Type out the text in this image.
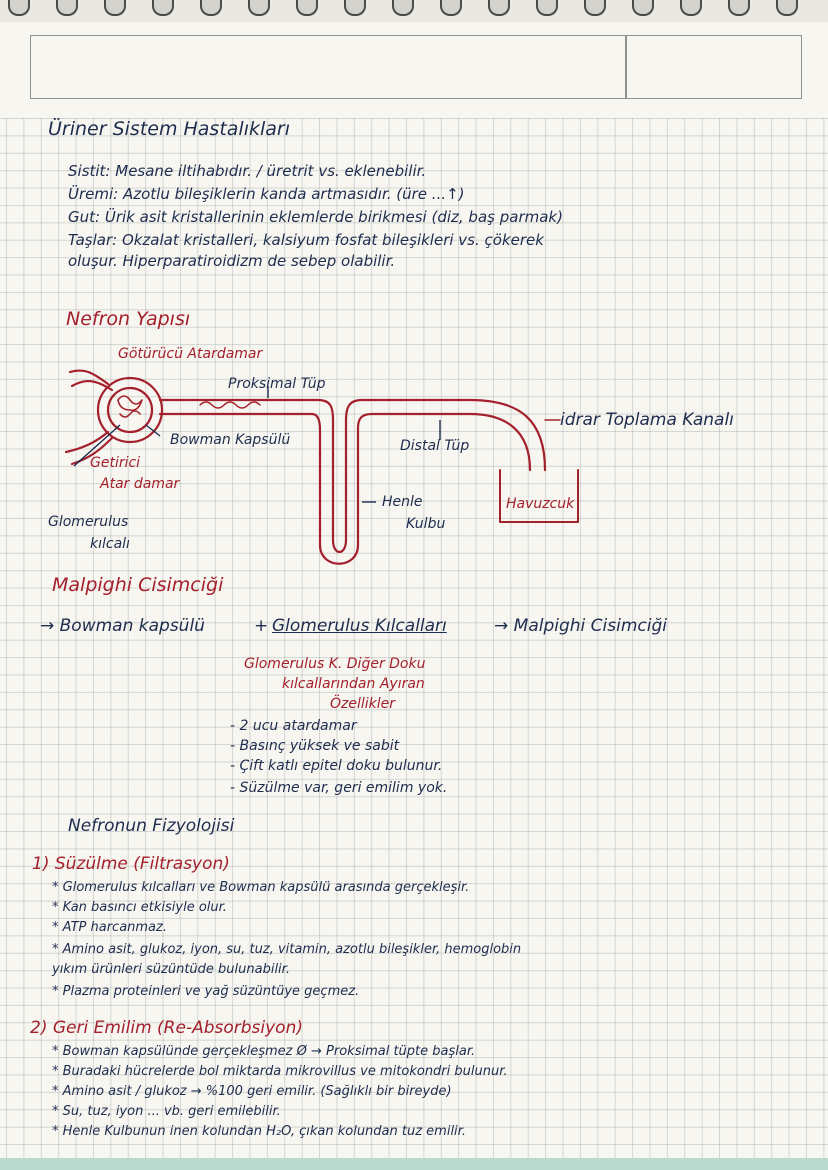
Üriner Sistem Hastalıkları
Sistit: Mesane iltihabıdır. / üretrit vs. eklenebilir.
Üremi: Azotlu bileşiklerin kanda artmasıdır. (üre ...↑)
Gut: Ürik asit kristallerinin eklemlerde birikmesi (diz, baş parmak)
Taşlar: Okzalat kristalleri, kalsiyum fosfat bileşikleri vs. çökerek
oluşur. Hiperparatiroidizm de sebep olabilir.
Nefron Yapısı
Götürücü Atardamar
Proksimal Tüp
Bowman Kapsülü
Getirici
Atar damar
Distal Tüp
idrar Toplama Kanalı
Henle
Kulbu
Havuzcuk
Glomerulus
kılcalı
Malpighi Cisimciği
→ Bowman kapsülü	+ Glomerulus Kılcalları	→ Malpighi Cisimciği
Glomerulus K. Diğer Doku
kılcallarından Ayıran
Özellikler
- 2 ucu atardamar
- Basınç yüksek ve sabit
- Çift katlı epitel doku bulunur.
- Süzülme var, geri emilim yok.
Nefronun Fizyolojisi
1) Süzülme (Filtrasyon)
* Glomerulus kılcalları ve Bowman kapsülü arasında gerçekleşir.
* Kan basıncı etkisiyle olur.
* ATP harcanmaz.
* Amino asit, glukoz, iyon, su, tuz, vitamin, azotlu bileşikler, hemoglobin
yıkım ürünleri süzüntüde bulunabilir.
* Plazma proteinleri ve yağ süzüntüye geçmez.
2) Geri Emilim (Re-Absorbsiyon)
* Bowman kapsülünde gerçekleşmez Ø → Proksimal tüpte başlar.
* Buradaki hücrelerde bol miktarda mikrovillus ve mitokondri bulunur.
* Amino asit / glukoz → %100 geri emilir. (Sağlıklı bir bireyde)
* Su, tuz, iyon ... vb. geri emilebilir.
* Henle Kulbunun inen kolundan H₂O, çıkan kolundan tuz emilir.
